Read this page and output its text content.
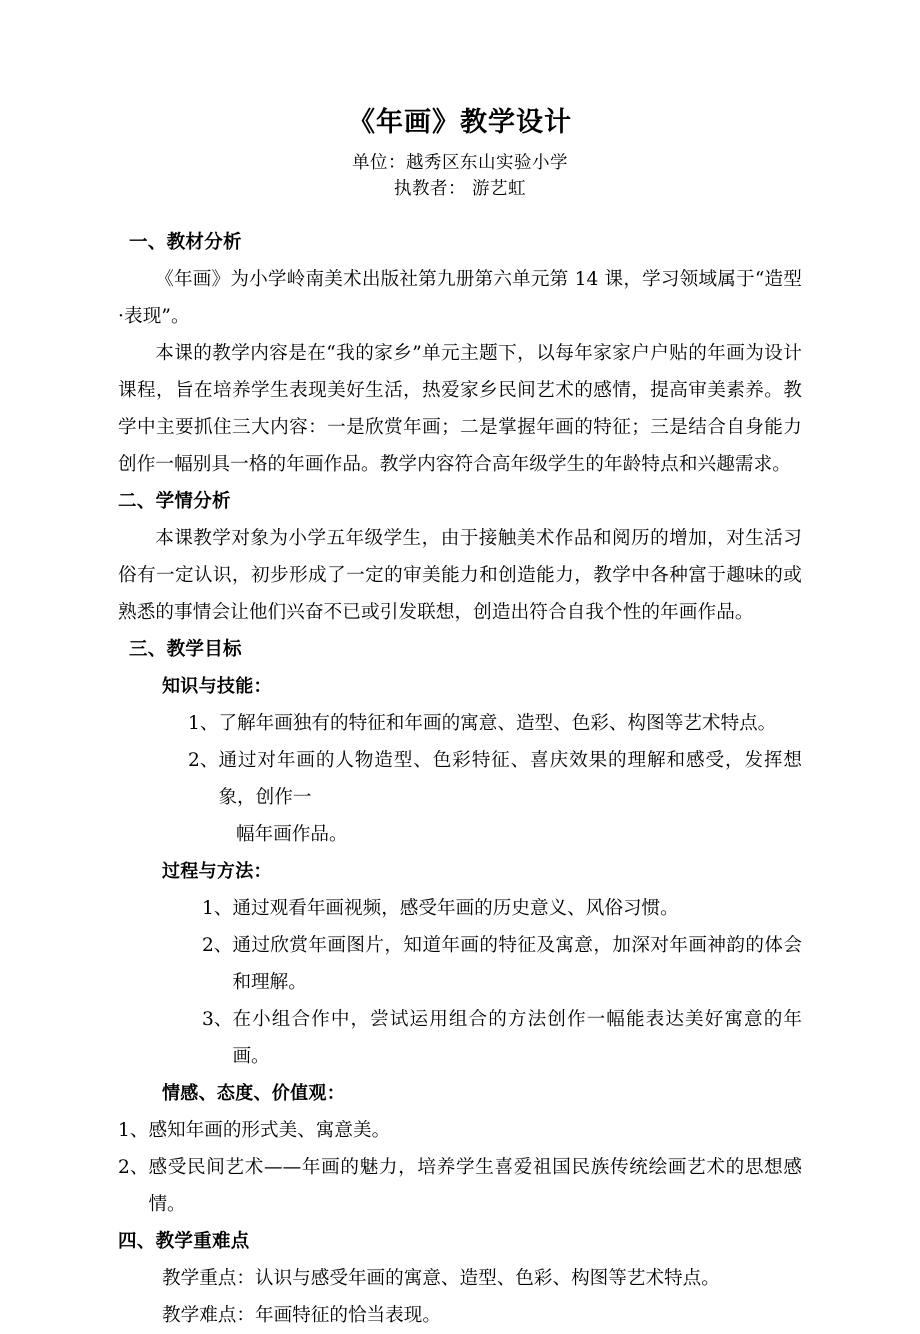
《年画》教学设计

单位：越秀区东山实验小学

执教者： 游艺虹

一、教材分析

《年画》为小学岭南美术出版社第九册第六单元第 14 课，学习领域属于“造型·表现”。

本课的教学内容是在“我的家乡”单元主题下，以每年家家户户贴的年画为设计课程，旨在培养学生表现美好生活，热爱家乡民间艺术的感情，提高审美素养。教学中主要抓住三大内容：一是欣赏年画；二是掌握年画的特征；三是结合自身能力创作一幅别具一格的年画作品。教学内容符合高年级学生的年龄特点和兴趣需求。

二、学情分析

本课教学对象为小学五年级学生，由于接触美术作品和阅历的增加，对生活习俗有一定认识，初步形成了一定的审美能力和创造能力，教学中各种富于趣味的或熟悉的事情会让他们兴奋不已或引发联想，创造出符合自我个性的年画作品。

三、教学目标
知识与技能：

1、 了解年画独有的特征和年画的寓意、造型、色彩、构图等艺术特点。

2、 通过对年画的人物造型、色彩特征、喜庆效果的理解和感受，发挥想象，创作一

幅年画作品。

过程与方法：

1、 通过观看年画视频，感受年画的历史意义、风俗习惯。

2、 通过欣赏年画图片，知道年画的特征及寓意，加深对年画神韵的体会和理解。

3、 在小组合作中，尝试运用组合的方法创作一幅能表达美好寓意的年画。

情感、态度、价值观：

1、 感知年画的形式美、寓意美。

2、 感受民间艺术——年画的魅力，培养学生喜爱祖国民族传统绘画艺术的思想感情。

四、教学重难点

教学重点：认识与感受年画的寓意、造型、色彩、构图等艺术特点。

教学难点：年画特征的恰当表现。
